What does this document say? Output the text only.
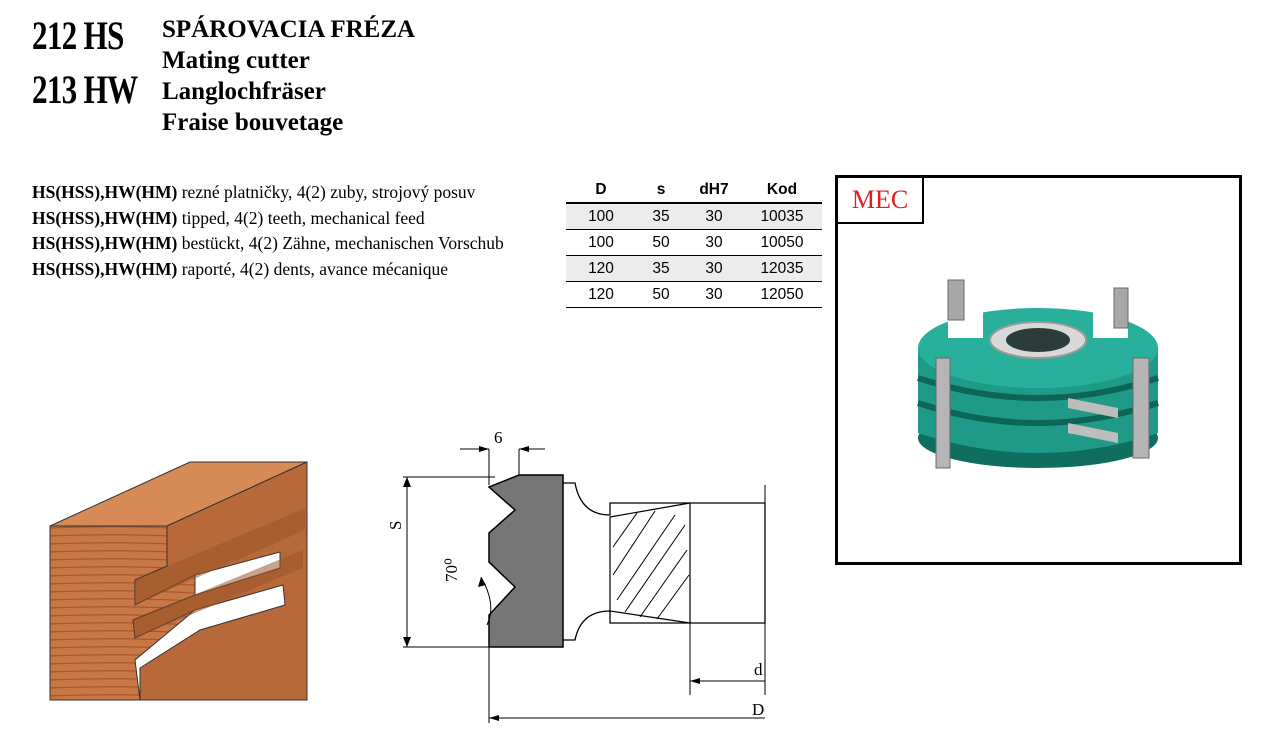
212 HS
213 HW
SPÁROVACIA FRÉZA
Mating cutter
Langlochfräser
Fraise bouvetage
HS(HSS),HW(HM) rezné platničky, 4(2) zuby, strojový posuv
HS(HSS),HW(HM) tipped, 4(2) teeth, mechanical feed
HS(HSS),HW(HM) bestückt, 4(2) Zähne, mechanischen Vorschub
HS(HSS),HW(HM) raporté, 4(2) dents, avance mécanique
D	s	dH7	Kod
100	35	30	10035
100	50	30	10050
120	35	30	12035
120	50	30	12050
MEC
6
S
70⁰
d
D
